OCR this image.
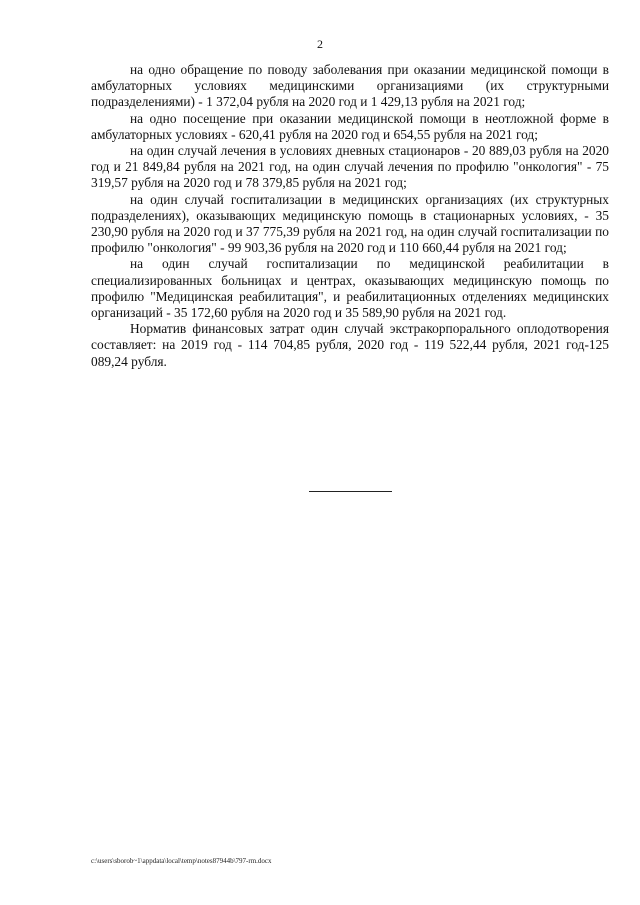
2

на одно обращение по поводу заболевания при оказании медицинской помощи в амбулаторных условиях медицинскими организациями (их структурными подразделениями) - 1 372,04 рубля на 2020 год и 1 429,13 рубля на 2021 год;

на одно посещение при оказании медицинской помощи в неотложной форме в амбулаторных условиях - 620,41 рубля на 2020 год и 654,55 рубля на 2021 год;

на один случай лечения в условиях дневных стационаров - 20 889,03 рубля на 2020 год и 21 849,84 рубля на 2021 год, на один случай лечения по профилю "онкология" - 75 319,57 рубля на 2020 год и 78 379,85 рубля на 2021 год;

на один случай госпитализации в медицинских организациях (их структурных подразделениях), оказывающих медицинскую помощь в стационарных условиях, - 35 230,90 рубля на 2020 год и 37 775,39 рубля на 2021 год, на один случай госпитализации по профилю "онкология" - 99 903,36 рубля на 2020 год и 110 660,44 рубля на 2021 год;

на один случай госпитализации по медицинской реабилитации в специализированных больницах и центрах, оказывающих медицинскую помощь по профилю "Медицинская реабилитация", и реабилитационных отделениях медицинских организаций - 35 172,60 рубля на 2020 год и 35 589,90 рубля на 2021 год.

Норматив финансовых затрат один случай экстракорпорального оплодотворения составляет: на 2019 год - 114 704,85 рубля, 2020 год - 119 522,44 рубля, 2021 год-125 089,24 рубля.

c:\users\sborob~1\appdata\local\temp\notes87944b\797-rm.docx
